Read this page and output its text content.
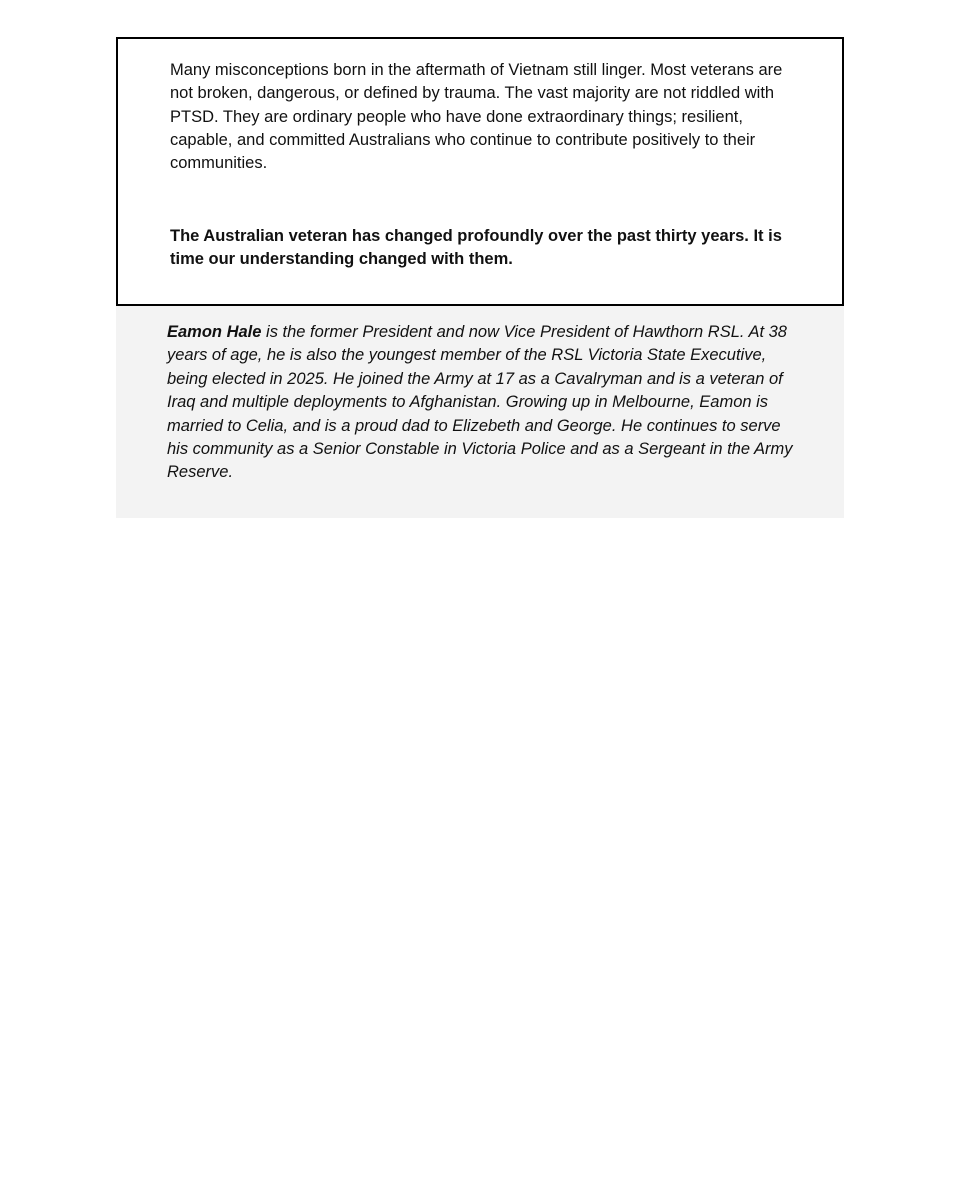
Many misconceptions born in the aftermath of Vietnam still linger. Most veterans are not broken, dangerous, or defined by trauma. The vast majority are not riddled with PTSD. They are ordinary people who have done extraordinary things; resilient, capable, and committed Australians who continue to contribute positively to their communities.

The Australian veteran has changed profoundly over the past thirty years. It is time our understanding changed with them.

Eamon Hale is the former President and now Vice President of Hawthorn RSL. At 38 years of age, he is also the youngest member of the RSL Victoria State Executive, being elected in 2025. He joined the Army at 17 as a Cavalryman and is a veteran of Iraq and multiple deployments to Afghanistan. Growing up in Melbourne, Eamon is married to Celia, and is a proud dad to Elizebeth and George. He continues to serve his community as a Senior Constable in Victoria Police and as a Sergeant in the Army Reserve.
